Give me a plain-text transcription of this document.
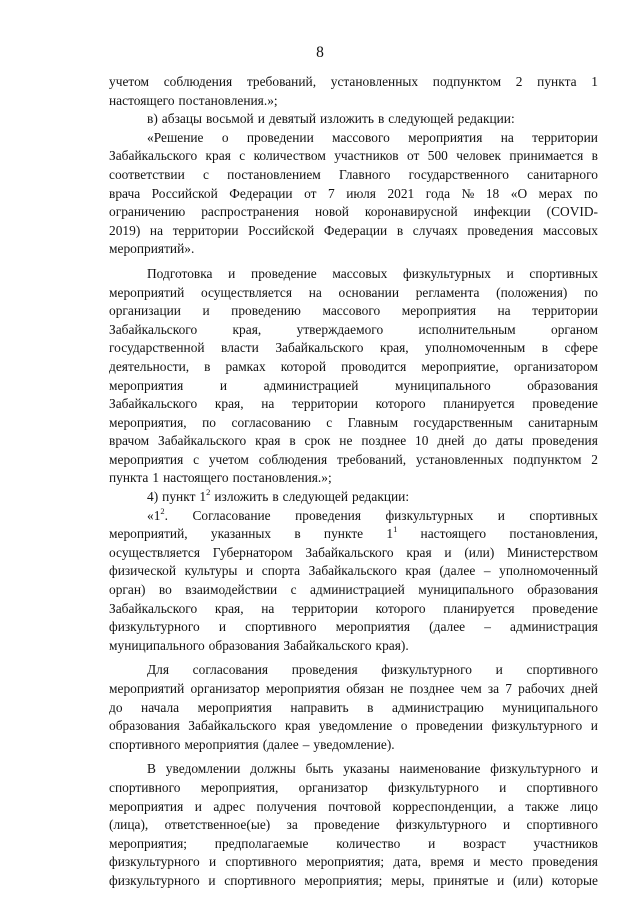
8
учетом соблюдения требований, установленных подпунктом 2 пункта 1
настоящего постановления.»;
в) абзацы восьмой и девятый изложить в следующей редакции:
«Решение о проведении массового мероприятия на территории
Забайкальского края с количеством участников от 500 человек принимается в
соответствии с постановлением Главного государственного санитарного
врача Российской Федерации от 7 июля 2021 года № 18 «О мерах по
ограничению распространения новой коронавирусной инфекции (COVID-
2019) на территории Российской Федерации в случаях проведения массовых
мероприятий».
Подготовка и проведение массовых физкультурных и спортивных
мероприятий осуществляется на основании регламента (положения) по
организации и проведению массового мероприятия на территории
Забайкальского	края,	утверждаемого	исполнительным	органом
государственной власти Забайкальского края, уполномоченным в сфере
деятельности, в рамках которой проводится мероприятие, организатором
мероприятия	и	администрацией	муниципального	образования
Забайкальского края, на территории которого планируется проведение
мероприятия, по согласованию с Главным государственным санитарным
врачом Забайкальского края в срок не позднее 10 дней до даты проведения
мероприятия с учетом соблюдения требований, установленных подпунктом 2
пункта 1 настоящего постановления.»;
4) пункт $1^2$ изложить в следующей редакции:
«$1^2$. Согласование проведения физкультурных и спортивных
мероприятий, указанных в пункте $1^1$ настоящего постановления,
осуществляется Губернатором Забайкальского края и (или) Министерством
физической культуры и спорта Забайкальского края (далее – уполномоченный
орган) во взаимодействии с администрацией муниципального образования
Забайкальского края, на территории которого планируется проведение
физкультурного и спортивного мероприятия (далее – администрация
муниципального образования Забайкальского края).
Для согласования проведения физкультурного и спортивного
мероприятий организатор мероприятия обязан не позднее чем за 7 рабочих дней
до начала мероприятия направить в администрацию муниципального
образования Забайкальского края уведомление о проведении физкультурного и
спортивного мероприятия (далее – уведомление).
В уведомлении должны быть указаны наименование физкультурного и
спортивного мероприятия, организатор физкультурного и спортивного
мероприятия и адрес получения почтовой корреспонденции, а также лицо
(лица), ответственное(ые) за проведение физкультурного и спортивного
мероприятия; предполагаемые количество и возраст участников
физкультурного и спортивного мероприятия; дата, время и место проведения
физкультурного и спортивного мероприятия; меры, принятые и (или) которые
